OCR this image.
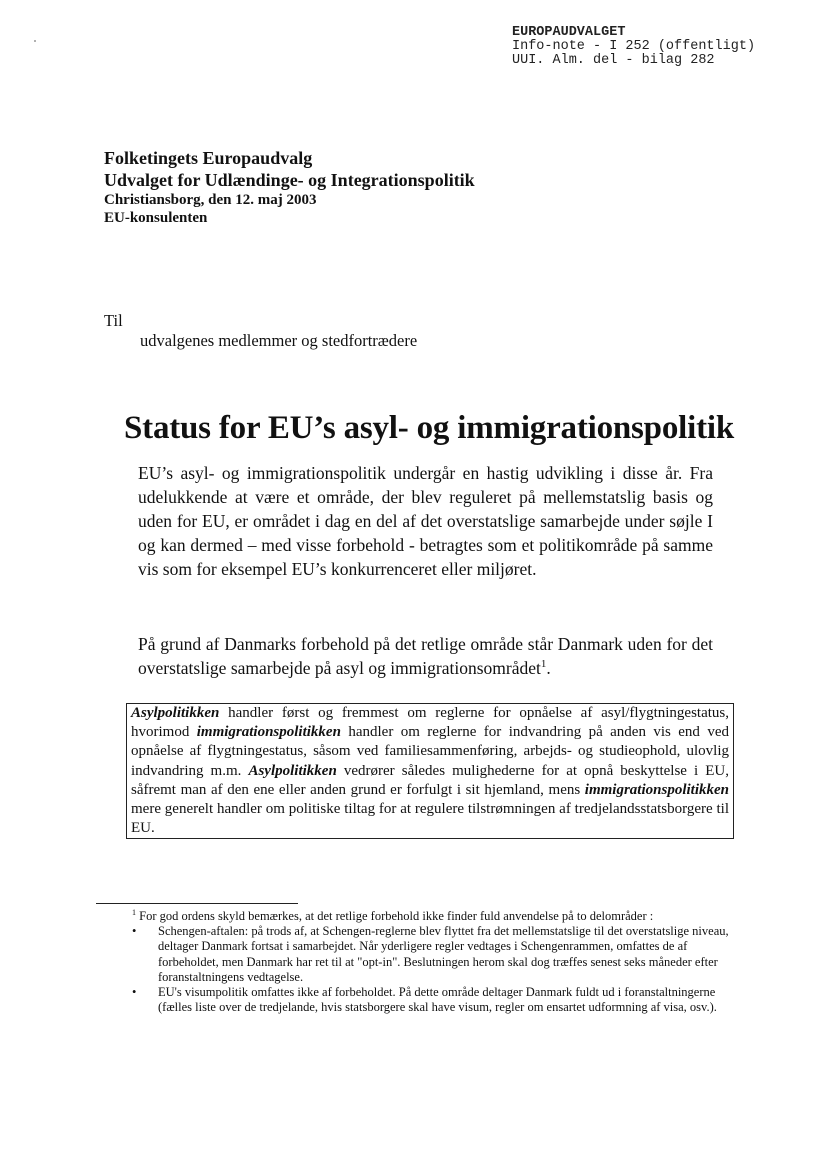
EUROPAUDVALGET
Info-note - I 252 (offentligt)
UUI. Alm. del - bilag 282
Folketingets Europaudvalg
Udvalget for Udlændinge- og Integrationspolitik
Christiansborg, den 12. maj 2003
EU-konsulenten
Til
udvalgenes medlemmer og stedfortrædere
Status for EU’s asyl- og immigrationspolitik
EU’s asyl- og immigrationspolitik undergår en hastig udvikling i disse år. Fra udelukkende at være et område, der blev reguleret på mellemstatslig basis og uden for EU, er området i dag en del af det overstatslige samarbejde under søjle I og kan dermed – med visse forbehold - betragtes som et politikområde på samme vis som for eksempel EU’s konkurrenceret eller miljøret.
På grund af Danmarks forbehold på det retlige område står Danmark uden for det overstatslige samarbejde på asyl og immigrationsområdet$^1$.
Asylpolitikken handler først og fremmest om reglerne for opnåelse af asyl/flygtningestatus, hvorimod immigrationspolitikken handler om reglerne for indvandring på anden vis end ved opnåelse af flygtningestatus, såsom ved familiesammenføring, arbejds- og studieophold, ulovlig indvandring m.m. Asylpolitikken vedrører således mulighederne for at opnå beskyttelse i EU, såfremt man af den ene eller anden grund er forfulgt i sit hjemland, mens immigrationspolitikken mere generelt handler om politiske tiltag for at regulere tilstrømningen af tredjelandsstatsborgere til EU.
$^1$ For god ordens skyld bemærkes, at det retlige forbehold ikke finder fuld anvendelse på to delområder :
• Schengen-aftalen: på trods af, at Schengen-reglerne blev flyttet fra det mellemstatslige til det overstatslige niveau, deltager Danmark fortsat i samarbejdet. Når yderligere regler vedtages i Schengenrammen, omfattes de af forbeholdet, men Danmark har ret til at "opt-in". Beslutningen herom skal dog træffes senest seks måneder efter foranstaltningens vedtagelse.
• EU's visumpolitik omfattes ikke af forbeholdet. På dette område deltager Danmark fuldt ud i foranstaltningerne (fælles liste over de tredjelande, hvis statsborgere skal have visum, regler om ensartet udformning af visa, osv.).
